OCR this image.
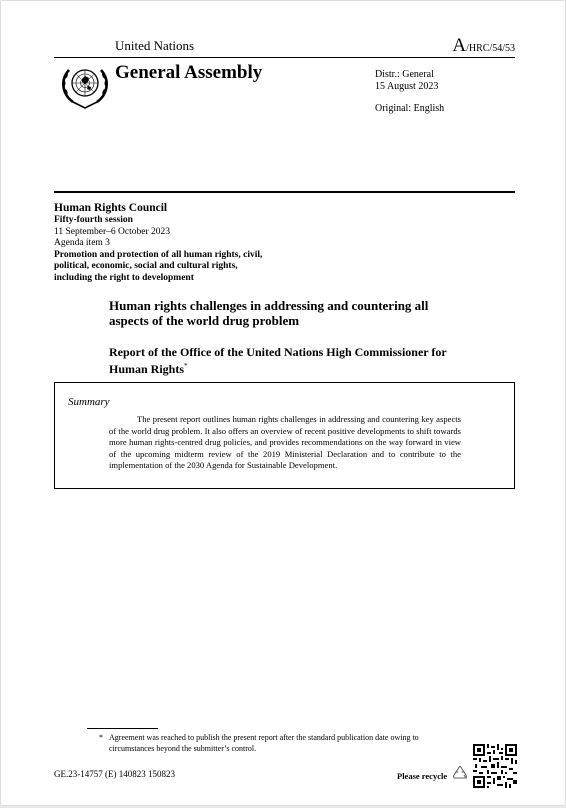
United Nations	A/HRC/54/53
General Assembly	Distr.: General
15 August 2023
Original: English
Human Rights Council
Fifty-fourth session
11 September–6 October 2023
Agenda item 3
Promotion and protection of all human rights, civil,
political, economic, social and cultural rights,
including the right to development
Human rights challenges in addressing and countering all
aspects of the world drug problem
Report of the Office of the United Nations High Commissioner for
Human Rights*
Summary
The present report outlines human rights challenges in addressing and countering key aspects of the world drug problem. It also offers an overview of recent positive developments to shift towards more human rights-centred drug policies, and provides recommendations on the way forward in view of the upcoming midterm review of the 2019 Ministerial Declaration and to contribute to the implementation of the 2030 Agenda for Sustainable Development.
* Agreement was reached to publish the present report after the standard publication date owing to circumstances beyond the submitter’s control.
GE.23-14757 (E) 140823 150823	Please recycle
